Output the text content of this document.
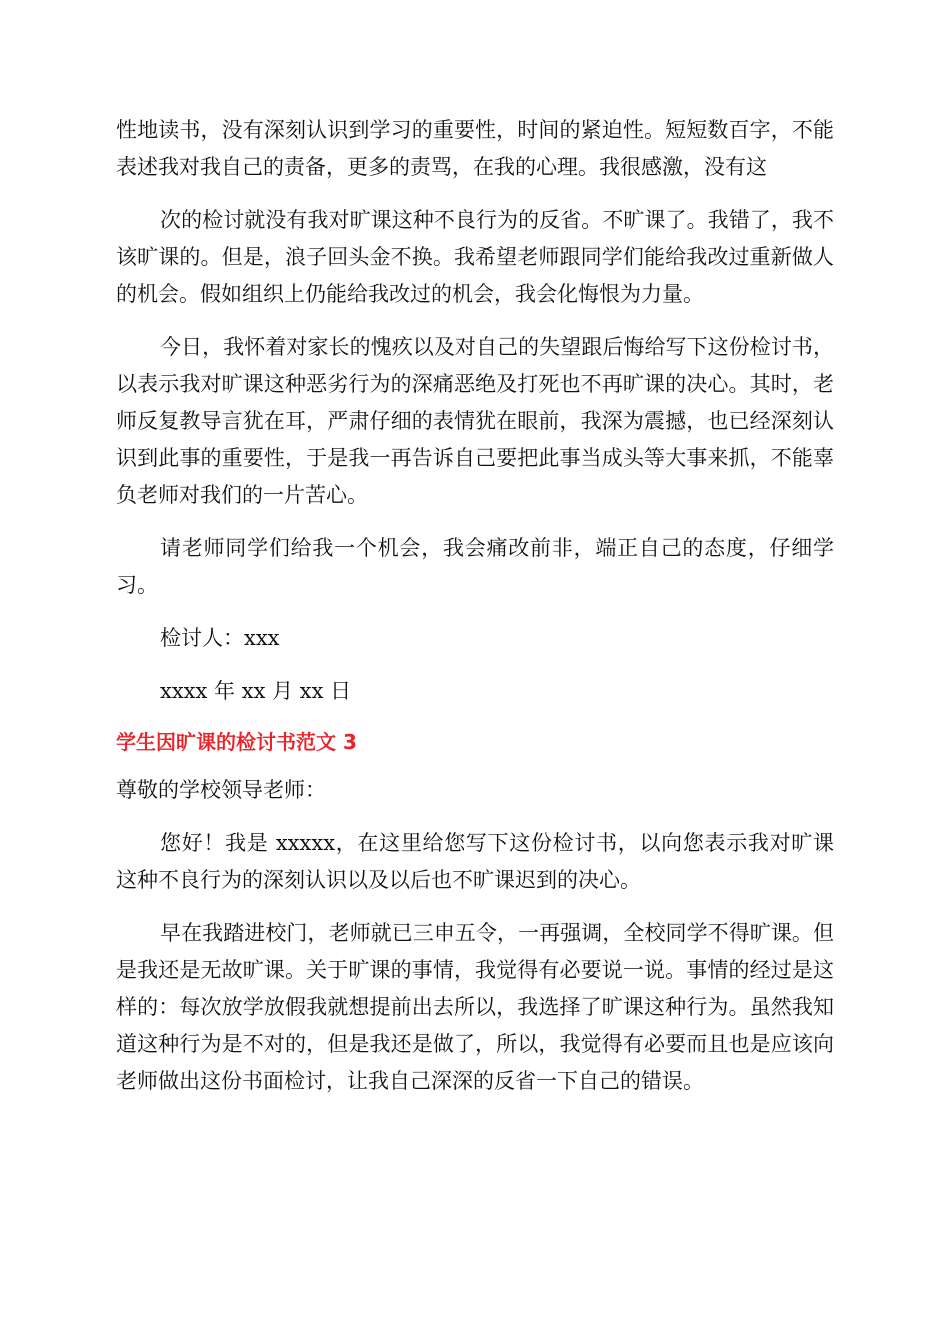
性地读书，没有深刻认识到学习的重要性，时间的紧迫性。短短数百字，不能表述我对我自己的责备，更多的责骂，在我的心理。我很感激，没有这

次的检讨就没有我对旷课这种不良行为的反省。不旷课了。我错了，我不该旷课的。但是，浪子回头金不换。我希望老师跟同学们能给我改过重新做人的机会。假如组织上仍能给我改过的机会，我会化悔恨为力量。

今日，我怀着对家长的愧疚以及对自己的失望跟后悔给写下这份检讨书，以表示我对旷课这种恶劣行为的深痛恶绝及打死也不再旷课的决心。其时，老师反复教导言犹在耳，严肃仔细的表情犹在眼前，我深为震撼，也已经深刻认识到此事的重要性，于是我一再告诉自己要把此事当成头等大事来抓，不能辜负老师对我们的一片苦心。

请老师同学们给我一个机会，我会痛改前非，端正自己的态度，仔细学习。

检讨人：xxx

xxxx 年 xx 月 xx 日

学生因旷课的检讨书范文 3

尊敬的学校领导老师：

您好！我是 xxxxx，在这里给您写下这份检讨书，以向您表示我对旷课这种不良行为的深刻认识以及以后也不旷课迟到的决心。

早在我踏进校门，老师就已三申五令，一再强调，全校同学不得旷课。但是我还是无故旷课。关于旷课的事情，我觉得有必要说一说。事情的经过是这样的：每次放学放假我就想提前出去所以，我选择了旷课这种行为。虽然我知道这种行为是不对的，但是我还是做了，所以，我觉得有必要而且也是应该向老师做出这份书面检讨，让我自己深深的反省一下自己的错误。
